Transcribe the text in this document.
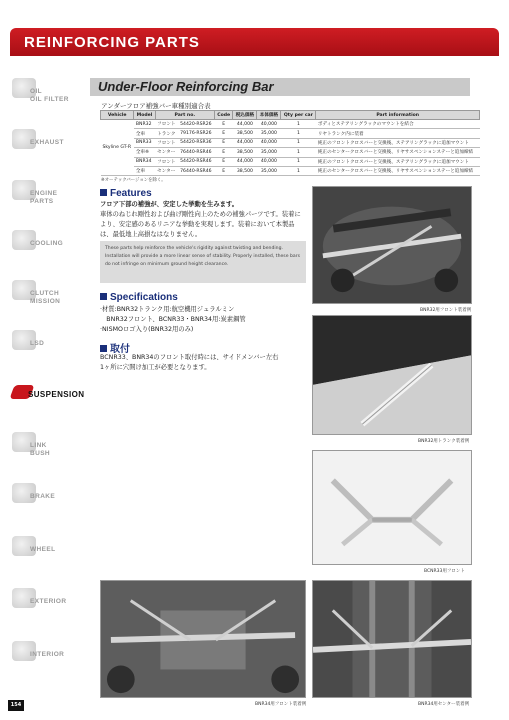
REINFORCING PARTS
OIL
OIL FILTER
EXHAUST
ENGINE
PARTS
COOLING
CLUTCH
MISSION
LSD
SUSPENSION
LINK
BUSH
BRAKE
WHEEL
EXTERIOR
INTERIOR
Under-Floor Reinforcing Bar
アンダーフロア補強バー車種別適合表
Vehicle	Model	Part no.		Code	税込価格	本体価格	Qty per car	Part information
Skyline GT-R	BNR32	フロント	54420-RSR26	E	44,000	40,000	1	ボディとステアリングラックのマウントを結合
	全車	トランク	79176-RSR26	E	38,500	35,000	1	リヤトランク内に装着
	BNR33	フロント	54420-RSR36	E	44,000	40,000	1	純正のフロントクロスバーと交換後、ステアリングラックに追加マウント
	全車※	センター	76440-RSR46	E	38,500	35,000	1	純正のセンタークロスバーと交換後、リヤサスペンションステーと追加締結
	BNR34	フロント	54420-RSR46	E	44,000	40,000	1	純正のフロントクロスバーと交換後、ステアリングラックに追加マウント
	全車	センター	76440-RSR46	E	38,500	35,000	1	純正のセンタークロスバーと交換後、リヤサスペンションステーと追加締結
※オーテックバージョンを除く。
Features
フロア下部の補強が、安定した挙動を生みます。
車体のねじれ剛性および曲げ剛性向上のための補強パーツです。装着により、安定感のあるリニアな挙動を実現します。装着において本製品は、最低地上高損なはなりません。
These parts help reinforce the vehicle's rigidity against twisting and bending. Installation will provide a more linear sense of stability. Properly installed, these bars do not infringe on minimum ground height clearance.
Specifications
·材質:BNR32トランク用:航空機用ジュラルミン
　BNR32フロント、BCNR33・BNR34用:炭素鋼管
·NISMOロゴ入り(BNR32用のみ)
取付
BCNR33、BNR34のフロント取付時には、サイドメンバー左右1ヶ所に穴開け加工が必要となります。
BNR32用フロント装着例
BNR32用トランク装着例
BCNR33用フロント
BNR34用フロント装着例	BNR34用センター装着例
154
